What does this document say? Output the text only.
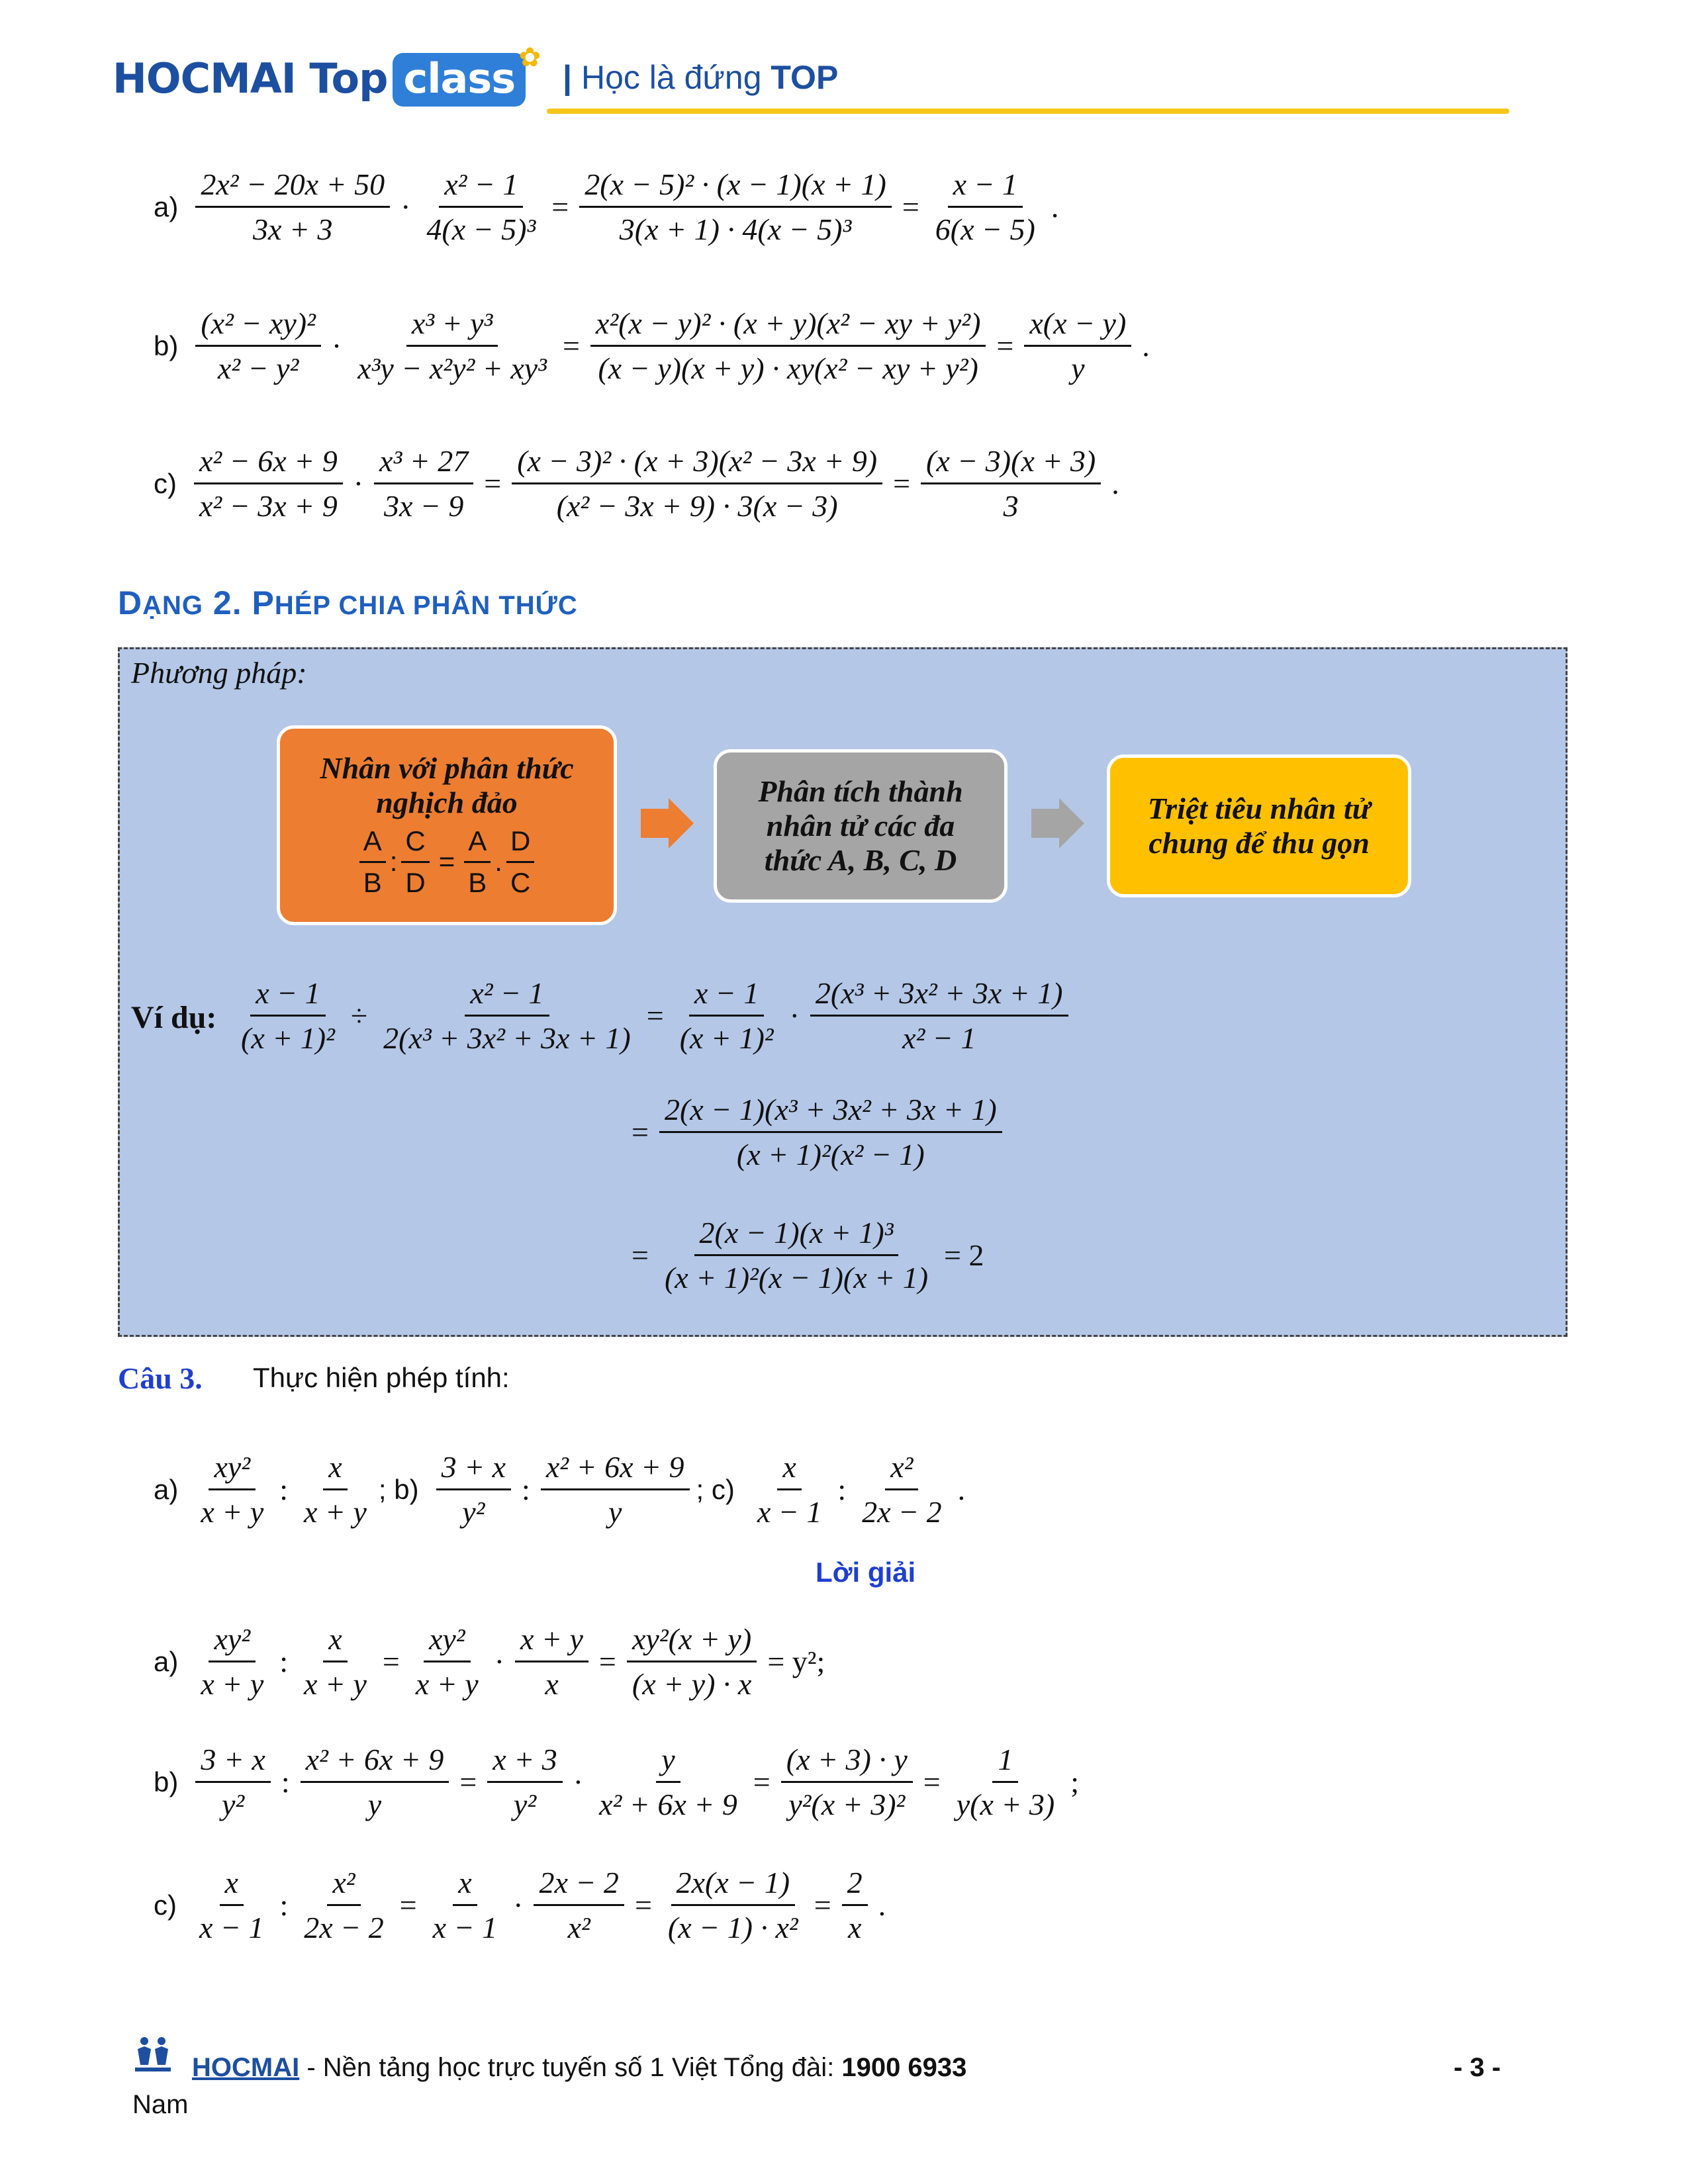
HOCMAI Top class ✿
| Học là đứng TOP
$a) \frac{\text{2x² − 20x + 50}}{3x + 3} \cdot \frac{\text{x² − 1}}{\text{4(x − 5)³}} = \frac{\text{2(x − 5)² · (x − 1)(x + 1)}}{\text{3(x + 1) · 4(x − 5)³}} = \frac{x - 1}{6(x - 5)}$ .
$b) \frac{\text{(x² − xy)²}}{\text{x² − y²}} \cdot \frac{\text{x³ + y³}}{\text{x³y − x²y² + xy³}} = \frac{\text{x²(x − y)² · (x + y)(x² − xy + y²)}}{\text{(x − y)(x + y) · xy(x² − xy + y²)}} = \frac{x(x - y)}{y}$ .
$c) \frac{\text{x² − 6x + 9}}{\text{x² − 3x + 9}} \cdot \frac{\text{x³ + 27}}{3x - 9} = \frac{\text{(x − 3)² · (x + 3)(x² − 3x + 9)}}{\text{(x² − 3x + 9) · 3(x − 3)}} = \frac{(x - 3)(x + 3)}{3}$ .
DẠNG 2. PHÉP CHIA PHÂN THỨC
Phương pháp:
Nhân với phân thức
nghịch đảo
$\frac{A}{B}$ : $\frac{C}{D} = \frac{A}{B}$ . $\frac{D}{C}$
Phân tích thành
nhân tử các đa
thức A, B, C, D
Triệt tiêu nhân tử
chung để thu gọn
Ví dụ: $\frac{x - 1}{\text{(x + 1)²}} \div \frac{\text{x² − 1}}{\text{2(x³ + 3x² + 3x + 1)}} = \frac{x - 1}{\text{(x + 1)²}} \cdot \frac{\text{2(x³ + 3x² + 3x + 1)}}{\text{x² − 1}}$
= $\frac{\text{2(x − 1)(x³ + 3x² + 3x + 1)}}{\text{(x + 1)²(x² − 1)}}$
= $\frac{\text{2(x − 1)(x + 1)³}}{\text{(x + 1)²(x − 1)(x + 1)}} = 2$
Câu 3. Thực hiện phép tính:
$a) \frac{\text{xy²}}{x + y}$ : $\frac{x}{x + y}$ ; $b) \frac{3 + x}{\text{y²}}$ : $\frac{\text{x² + 6x + 9}}{y}$ ; $c) \frac{x}{x - 1}$ : $\frac{\text{x²}}{2x - 2}$ .
Lời giải
$a) \frac{\text{xy²}}{x + y}$ : $\frac{x}{x + y} = \frac{\text{xy²}}{x + y} \cdot \frac{x + y}{x} = \frac{\text{xy²(x + y)}}{(x + y) \cdot x} = y^2$;
$b) \frac{3 + x}{\text{y²}}$ : $\frac{\text{x² + 6x + 9}}{y} = \frac{x + 3}{\text{y²}} \cdot \frac{y}{\text{x² + 6x + 9}} = \frac{(x + 3) \cdot y}{\text{y²(x + 3)²}} = \frac{1}{y(x + 3)}$ ;
$c) \frac{x}{x - 1}$ : $\frac{\text{x²}}{2x - 2} = \frac{x}{x - 1} \cdot \frac{2x - 2}{\text{x²}} = \frac{2x(x - 1)}{\text{(x − 1) · x²}} = \frac{2}{x}$ .
HOCMAI - Nền tảng học trực tuyến số 1 Việt Tổng đài: 1900 6933
Nam
- 3 -
